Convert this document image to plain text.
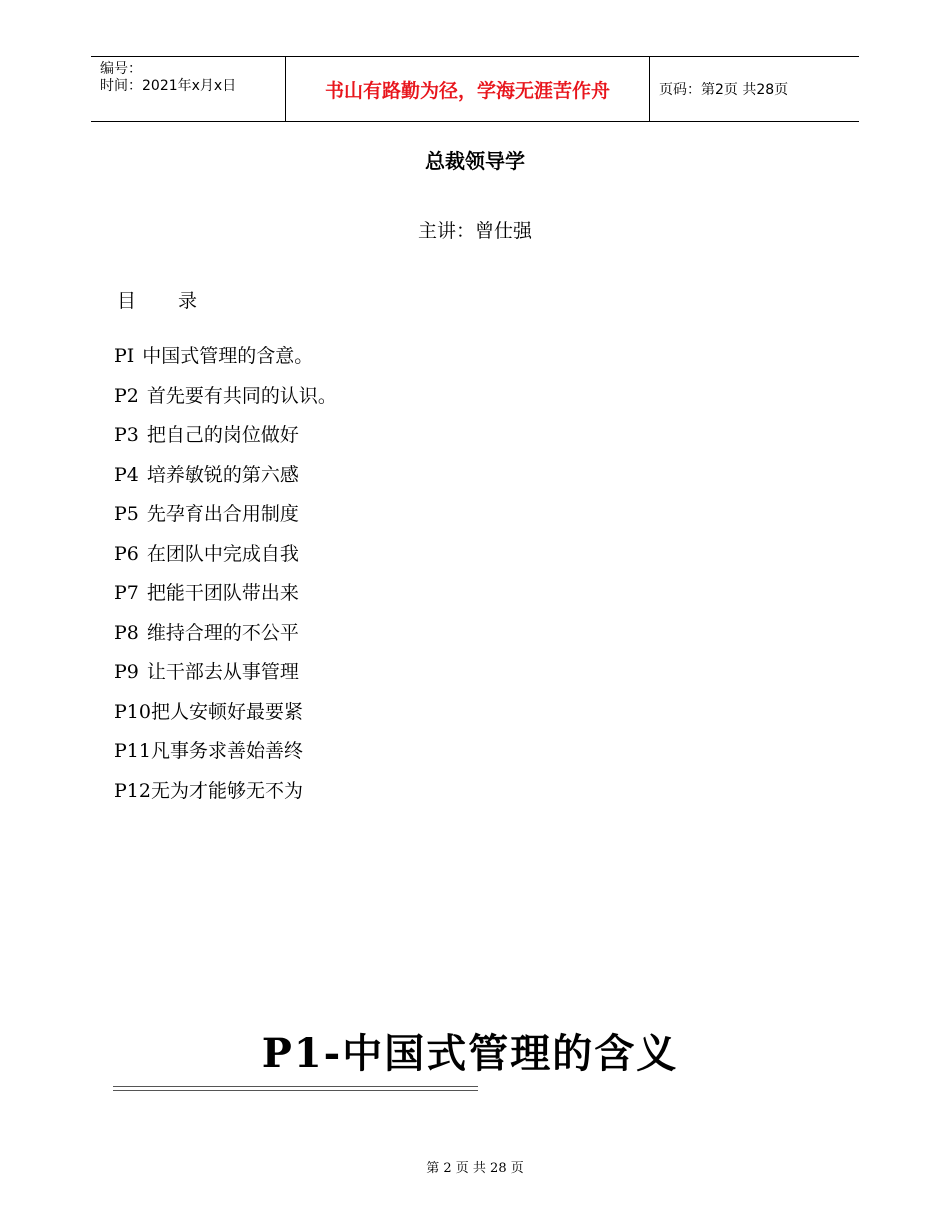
编号：
时间：2021年x月x日	书山有路勤为径，学海无涯苦作舟	页码：第2页 共28页
总裁领导学
主讲：曾仕强
目 录
PI 中国式管理的含意。
P2 首先要有共同的认识。
P3 把自己的岗位做好
P4 培养敏锐的第六感
P5 先孕育出合用制度
P6 在团队中完成自我
P7 把能干团队带出来
P8 维持合理的不公平
P9 让干部去从事管理
P10把人安顿好最要紧
P11凡事务求善始善终
P12无为才能够无不为
P1-中国式管理的含义
第 2 页 共 28 页
